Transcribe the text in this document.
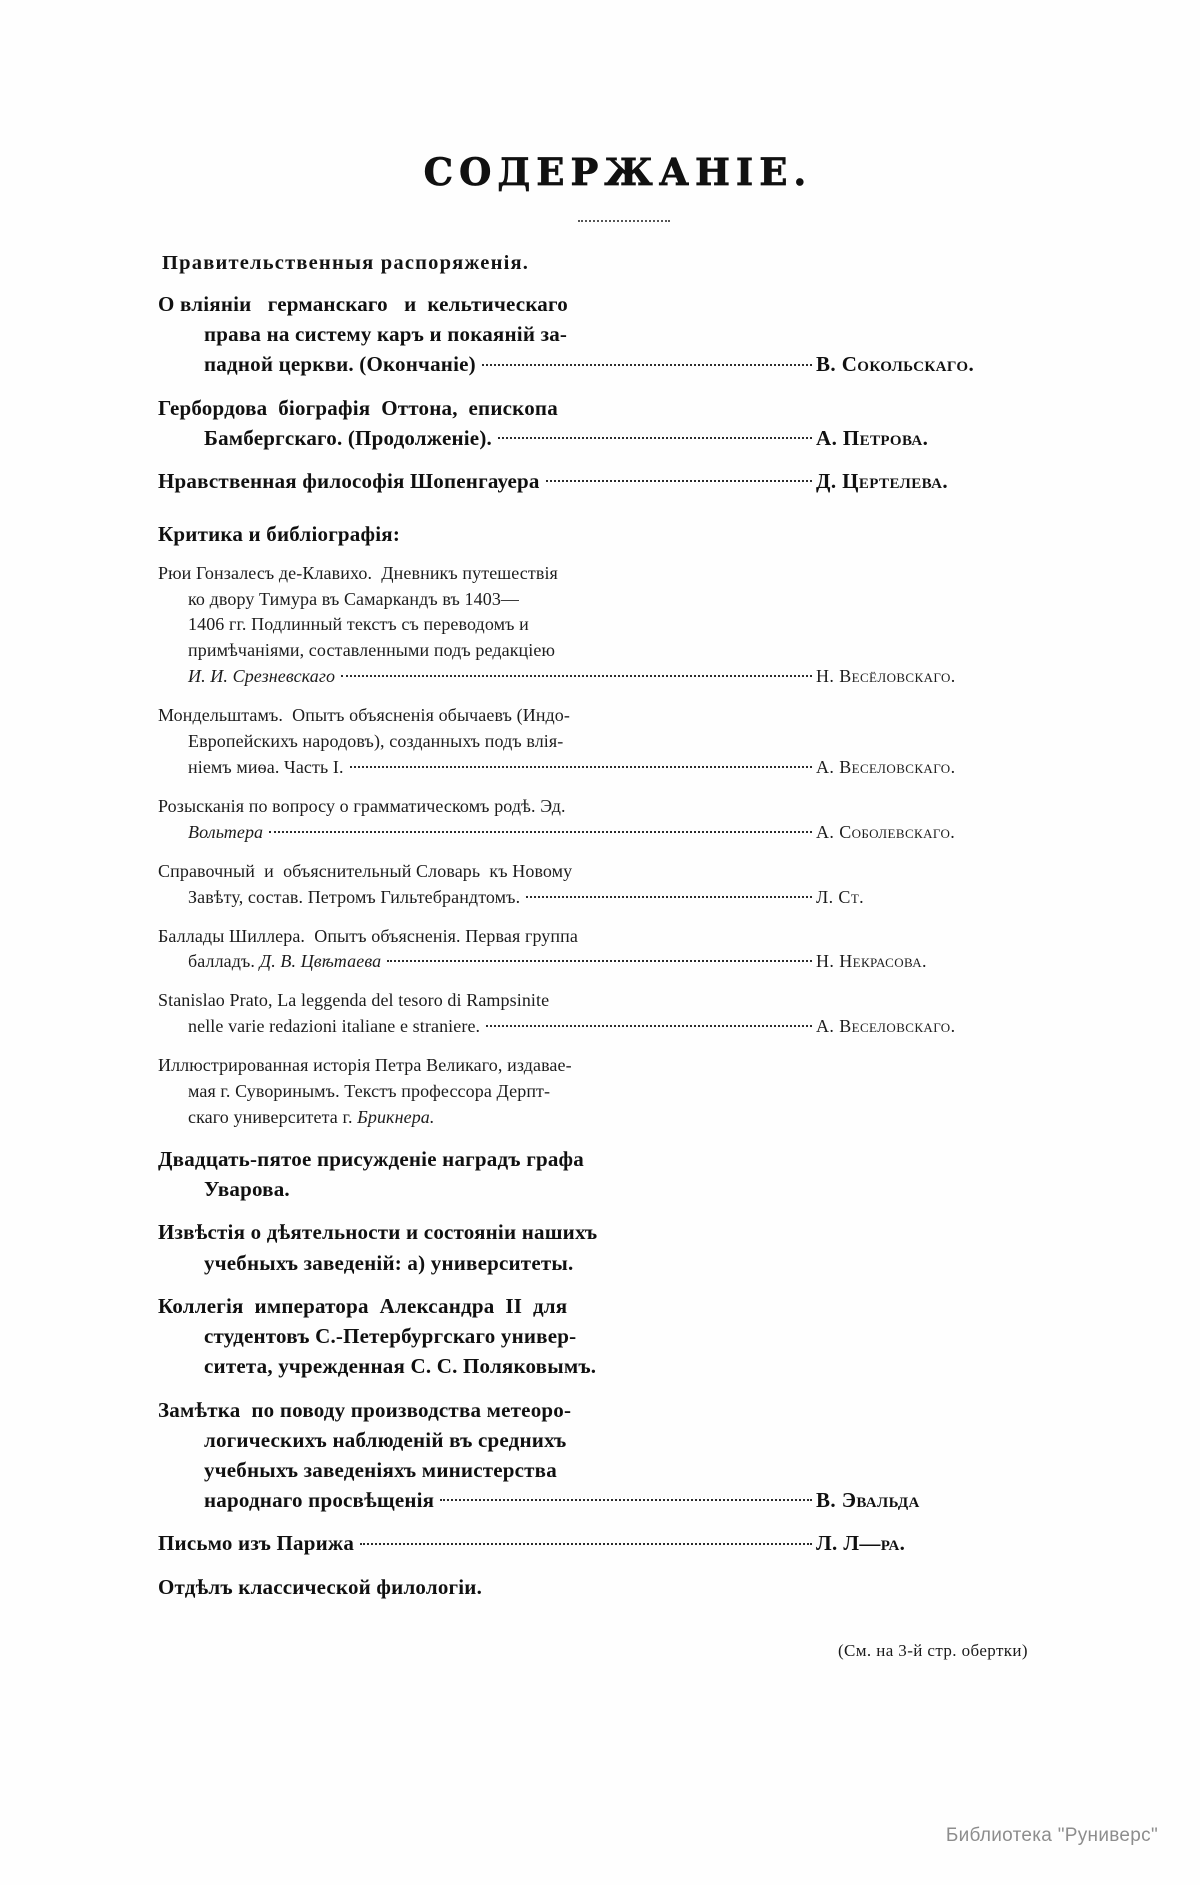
СОДЕРЖАНІЕ.
Правительственныя распоряженія.
О вліяніи   германскаго   и  кельтическаго
права на систему каръ и покаяній за-
падной церкви. (Окончаніе)	В. Сокольскаго.
Гербордова  біографія  Оттона,  епископа
Бамбергскаго. (Продолженіе).	А. Петрова.
Нравственная философія Шопенгауера	Д. Цертелева.
Критика и библіографія:
Рюи Гонзалесъ де-Клавихо.  Дневникъ путешествія
ко двору Тимура въ Самаркандъ въ 1403—
1406 гг. Подлинный текстъ съ переводомъ и
примѣчаніями, составленными подъ редакціею
И. И. Срезневскаго	Н. Весёловскаго.
Мондельштамъ.  Опытъ объясненія обычаевъ (Индо-
Европейскихъ народовъ), созданныхъ подъ влія-
ніемъ миѳа. Часть I.	А. Веселовскаго.
Розысканія по вопросу о грамматическомъ родѣ. Эд.
Вольтера	А. Соболевскаго.
Справочный  и  объяснительный Словарь  къ Новому
Завѣту, состав. Петромъ Гильтебрандтомъ.	Л. Ст.
Баллады Шиллера.  Опытъ объясненія. Первая группа
балладъ. Д. В. Цвѣтаева	Н. Некрасова.
Stanislao Prato, La leggenda del tesoro di Rampsinite
nelle varie redazioni italiane e straniere.	А. Веселовскаго.
Иллюстрированная исторія Петра Великаго, издавае-
мая г. Суворинымъ. Текстъ профессора Дерпт-
скаго университета г. Брикнера.
Двадцать-пятое присужденіе наградъ графа
Уварова.
Извѣстія о дѣятельности и состояніи нашихъ
учебныхъ заведеній: а) университеты.
Коллегія  императора  Александра  II  для
студентовъ С.-Петербургскаго универ-
ситета, учрежденная С. С. Поляковымъ.
Замѣтка  по поводу производства метеоро-
логическихъ наблюденій въ среднихъ
учебныхъ заведеніяхъ министерства
народнаго просвѣщенія	В. Эвальда
Письмо изъ Парижа	Л. Л—ра.
Отдѣлъ классической филологіи.
(См. на 3-й стр. обертки)
Библиотека "Руниверс"
